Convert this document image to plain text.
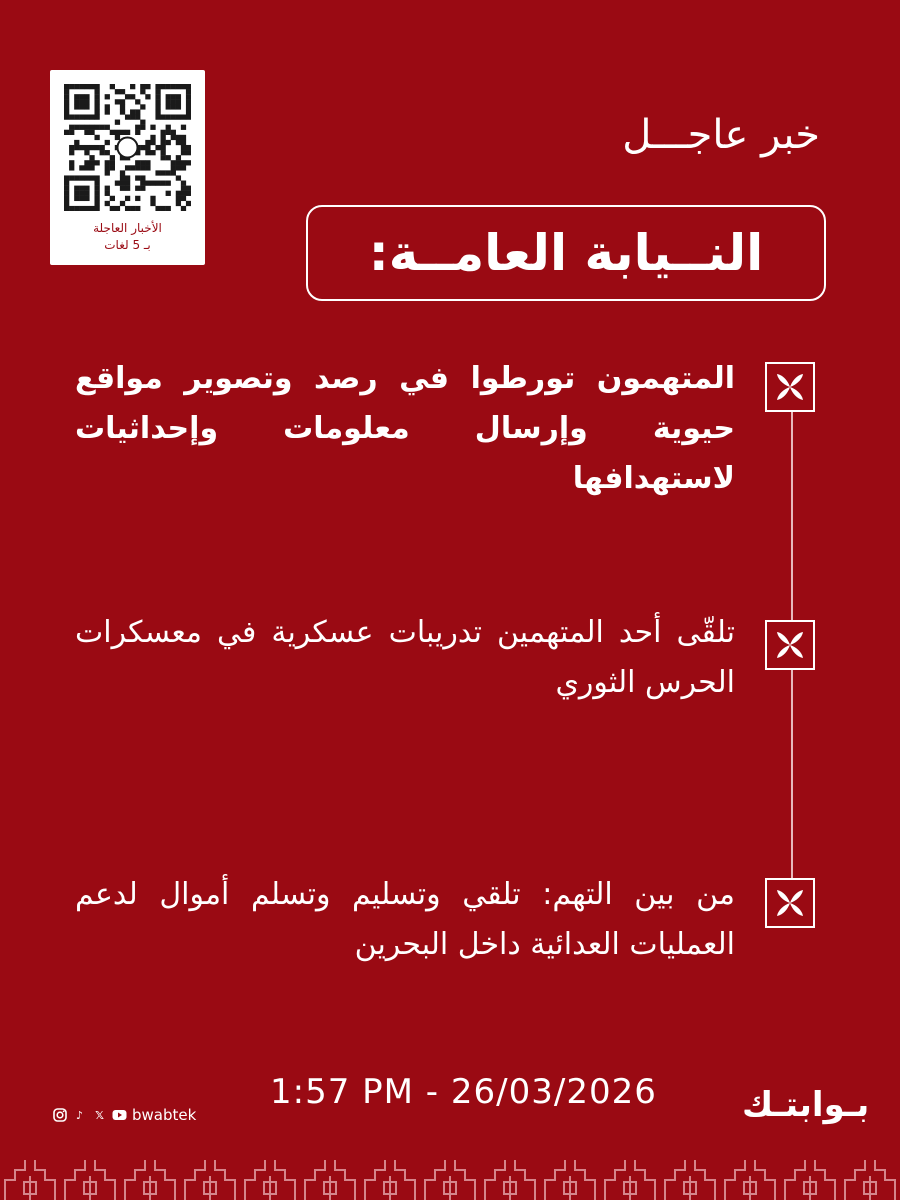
الأخبار العاجلة
بـ 5 لغات
خبر عاجـــل
النــيابة العامــة:
المتهمون تورطوا في رصد وتصوير مواقع حيوية وإرسال معلومات وإحداثيات لاستهدافها
تلقّى أحد المتهمين تدريبات عسكرية في معسكرات الحرس الثوري
من بين التهم: تلقي وتسليم وتسلم أموال لدعم العمليات العدائية داخل البحرين
1:57 PM - 26/03/2026
♪	𝕏 bwabtek	بـوابتـك
